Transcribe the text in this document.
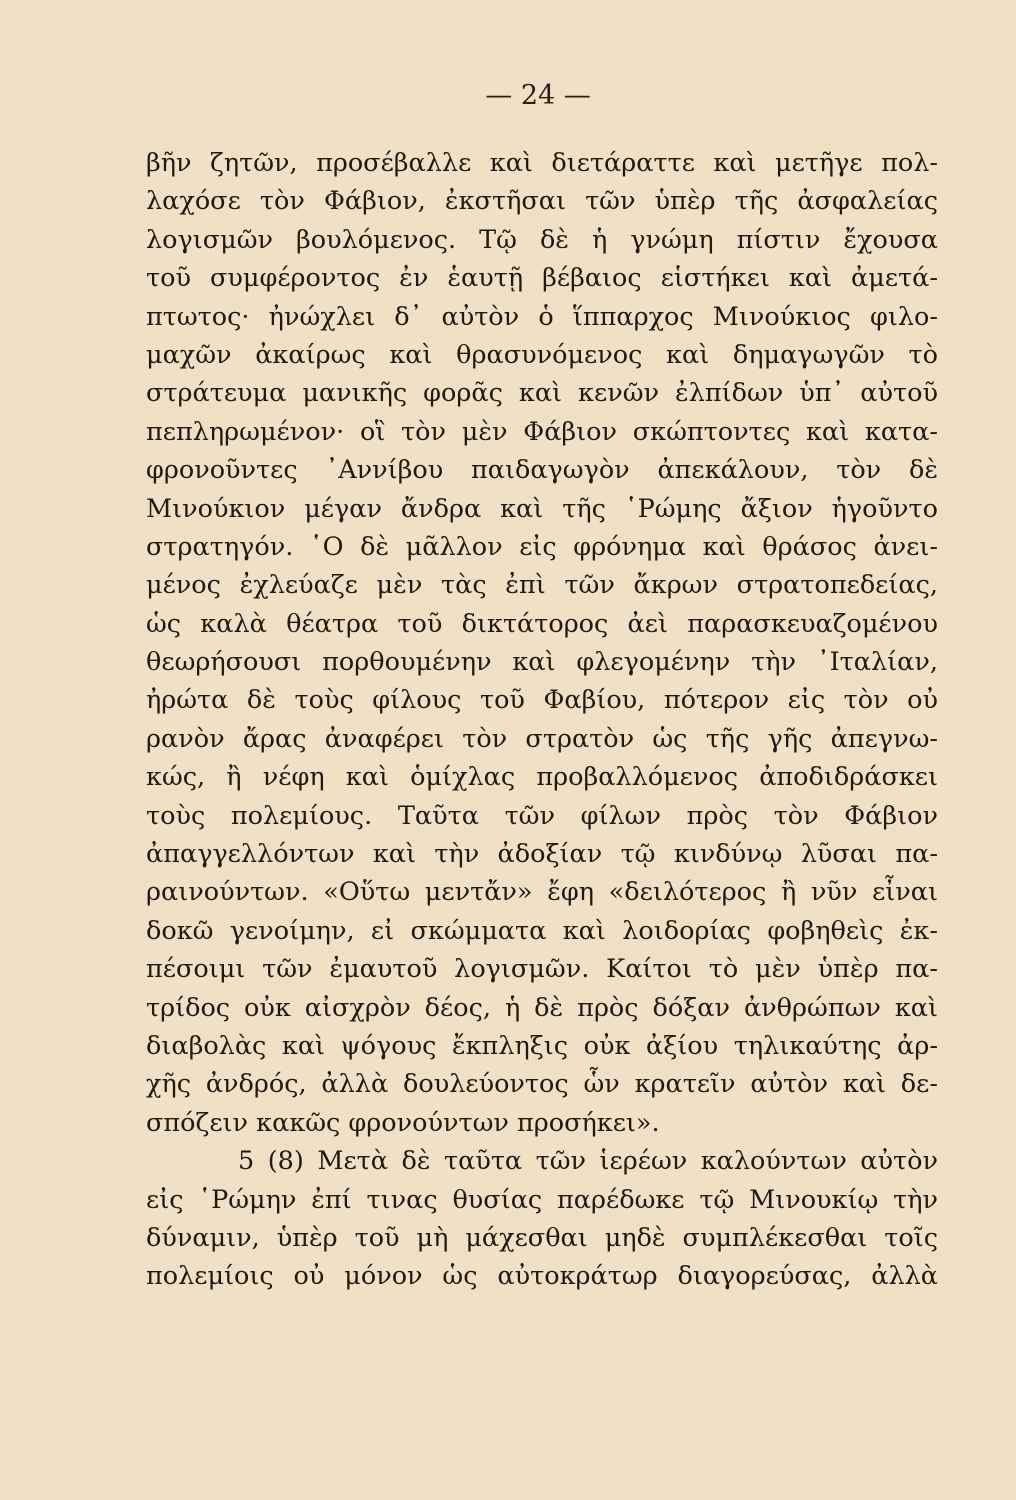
— 24 —
βῆν ζητῶν, προσέβαλλε καὶ διετάραττε καὶ μετῆγε πολ-
λαχόσε τὸν Φάβιον, ἐκστῆσαι τῶν ὑπὲρ τῆς ἀσφαλείας
λογισμῶν βουλόμενος. Τῷ δὲ ἡ γνώμη πίστιν ἔχουσα
τοῦ συμφέροντος ἐν ἑαυτῇ βέβαιος εἱστήκει καὶ ἀμετά-
πτωτος· ἠνώχλει δ᾿ αὐτὸν ὁ ἵππαρχος Μινούκιος φιλο-
μαχῶν ἀκαίρως καὶ θρασυνόμενος καὶ δημαγωγῶν τὸ
στράτευμα μανικῆς φορᾶς καὶ κενῶν ἐλπίδων ὑπ᾿ αὐτοῦ
πεπληρωμένον· οἳ τὸν μὲν Φάβιον σκώπτοντες καὶ κατα-
φρονοῦντες ᾿Αννίβου παιδαγωγὸν ἀπεκάλουν, τὸν δὲ
Μινούκιον μέγαν ἄνδρα καὶ τῆς ῾Ρώμης ἄξιον ἡγοῦντο
στρατηγόν. ῾Ο δὲ μᾶλλον εἰς φρόνημα καὶ θράσος ἀνει-
μένος ἐχλεύαζε μὲν τὰς ἐπὶ τῶν ἄκρων στρατοπεδείας,
ὡς καλὰ θέατρα τοῦ δικτάτορος ἀεὶ παρασκευαζομένου
θεωρήσουσι πορθουμένην καὶ φλεγομένην τὴν ᾿Ιταλίαν,
ἠρώτα δὲ τοὺς φίλους τοῦ Φαβίου, πότερον εἰς τὸν οὐ
ρανὸν ἄρας ἀναφέρει τὸν στρατὸν ὡς τῆς γῆς ἀπεγνω-
κώς, ἢ νέφη καὶ ὁμίχλας προβαλλόμενος ἀποδιδράσκει
τοὺς πολεμίους. Ταῦτα τῶν φίλων πρὸς τὸν Φάβιον
ἀπαγγελλόντων καὶ τὴν ἀδοξίαν τῷ κινδύνῳ λῦσαι πα-
ραινούντων. «Οὕτω μεντἄν» ἔφη «δειλότερος ἢ νῦν εἶναι
δοκῶ γενοίμην, εἰ σκώμματα καὶ λοιδορίας φοβηθεὶς ἐκ-
πέσοιμι τῶν ἐμαυτοῦ λογισμῶν. Καίτοι τὸ μὲν ὑπὲρ πα-
τρίδος οὐκ αἰσχρὸν δέος, ἡ δὲ πρὸς δόξαν ἀνθρώπων καὶ
διαβολὰς καὶ ψόγους ἔκπληξις οὐκ ἀξίου τηλικαύτης ἀρ-
χῆς ἀνδρός, ἀλλὰ δουλεύοντος ὧν κρατεῖν αὐτὸν καὶ δε-
σπόζειν κακῶς φρονούντων προσήκει».
5 (8) Μετὰ δὲ ταῦτα τῶν ἱερέων καλούντων αὐτὸν
εἰς ῾Ρώμην ἐπί τινας θυσίας παρέδωκε τῷ Μινουκίῳ τὴν
δύναμιν, ὑπὲρ τοῦ μὴ μάχεσθαι μηδὲ συμπλέκεσθαι τοῖς
πολεμίοις οὐ μόνον ὡς αὐτοκράτωρ διαγορεύσας, ἀλλὰ
